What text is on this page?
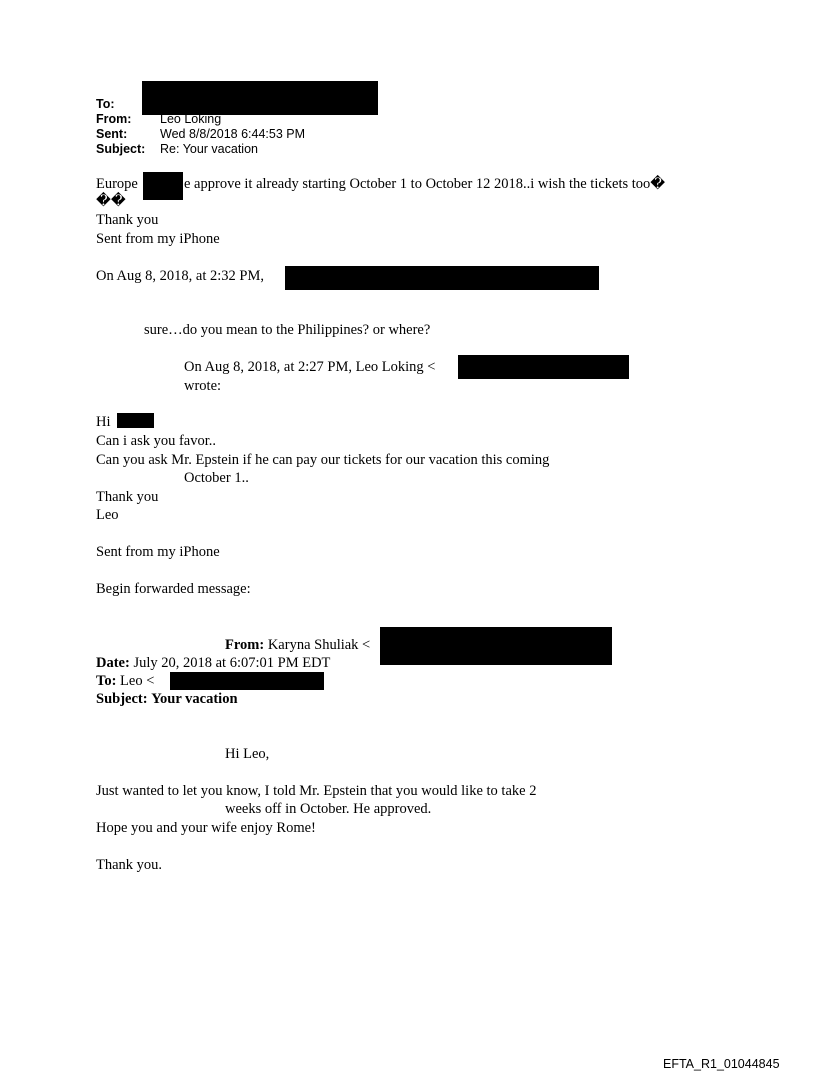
To:
From: Leo Loking
Sent:	Wed 8/8/2018 6:44:53 PM
Subject: Re: Your vacation
Europe	e approve it already starting October 1 to October 12 2018..i wish the tickets too�
��
Thank you
Sent from my iPhone
On Aug 8, 2018, at 2:32 PM,
sure…do you mean to the Philippines? or where?
On Aug 8, 2018, at 2:27 PM, Leo Loking <
wrote:
Hi
Can i ask you favor..
Can you ask Mr. Epstein if he can pay our tickets for our vacation this coming
October 1..
Thank you
Leo
Sent from my iPhone
Begin forwarded message:
From: Karyna Shuliak <
Date: July 20, 2018 at 6:07:01 PM EDT
To: Leo <
Subject: Your vacation
Hi Leo,
Just wanted to let you know, I told Mr. Epstein that you would like to take 2
weeks off in October. He approved.
Hope you and your wife enjoy Rome!
Thank you.
EFTA_R1_01044845
